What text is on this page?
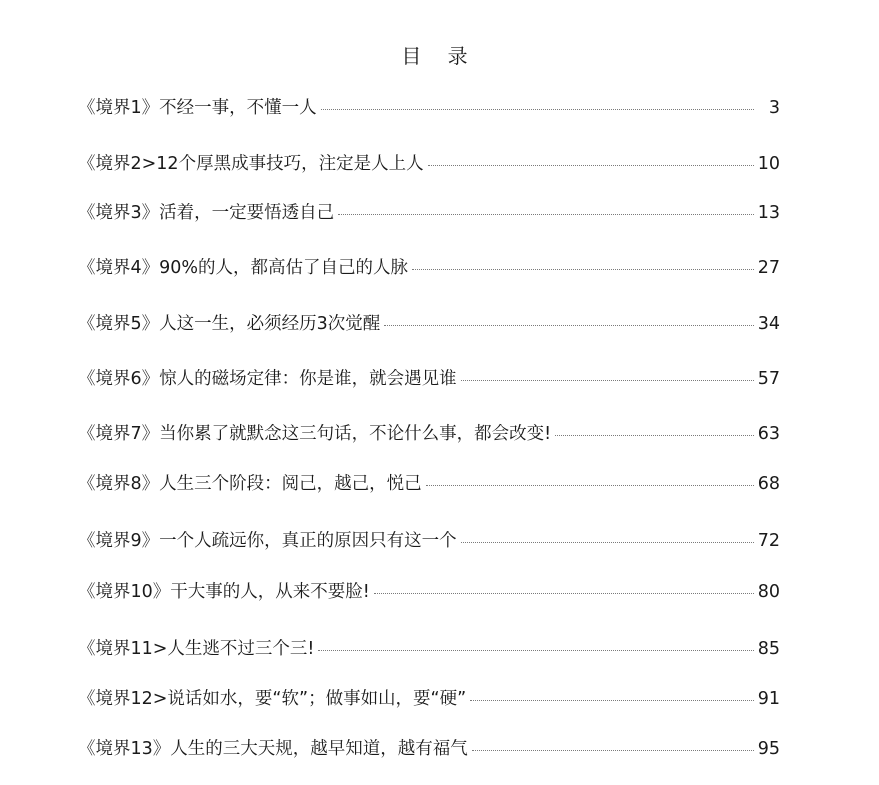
目 录
《境界1》不经一事，不懂一人	3
《境界2>12个厚黑成事技巧，注定是人上人	10
《境界3》活着，一定要悟透自己	13
《境界4》90%的人，都高估了自己的人脉	27
《境界5》人这一生，必须经历3次觉醒	34
《境界6》惊人的磁场定律：你是谁，就会遇见谁	57
《境界7》当你累了就默念这三句话，不论什么事，都会改变!	63
《境界8》人生三个阶段：阅己，越己，悦己	68
《境界9》一个人疏远你，真正的原因只有这一个	72
《境界10》干大事的人，从来不要脸!	80
《境界11>人生逃不过三个三!	85
《境界12>说话如水，要“软”；做事如山，要“硬”	91
《境界13》人生的三大天规，越早知道，越有福气	95
